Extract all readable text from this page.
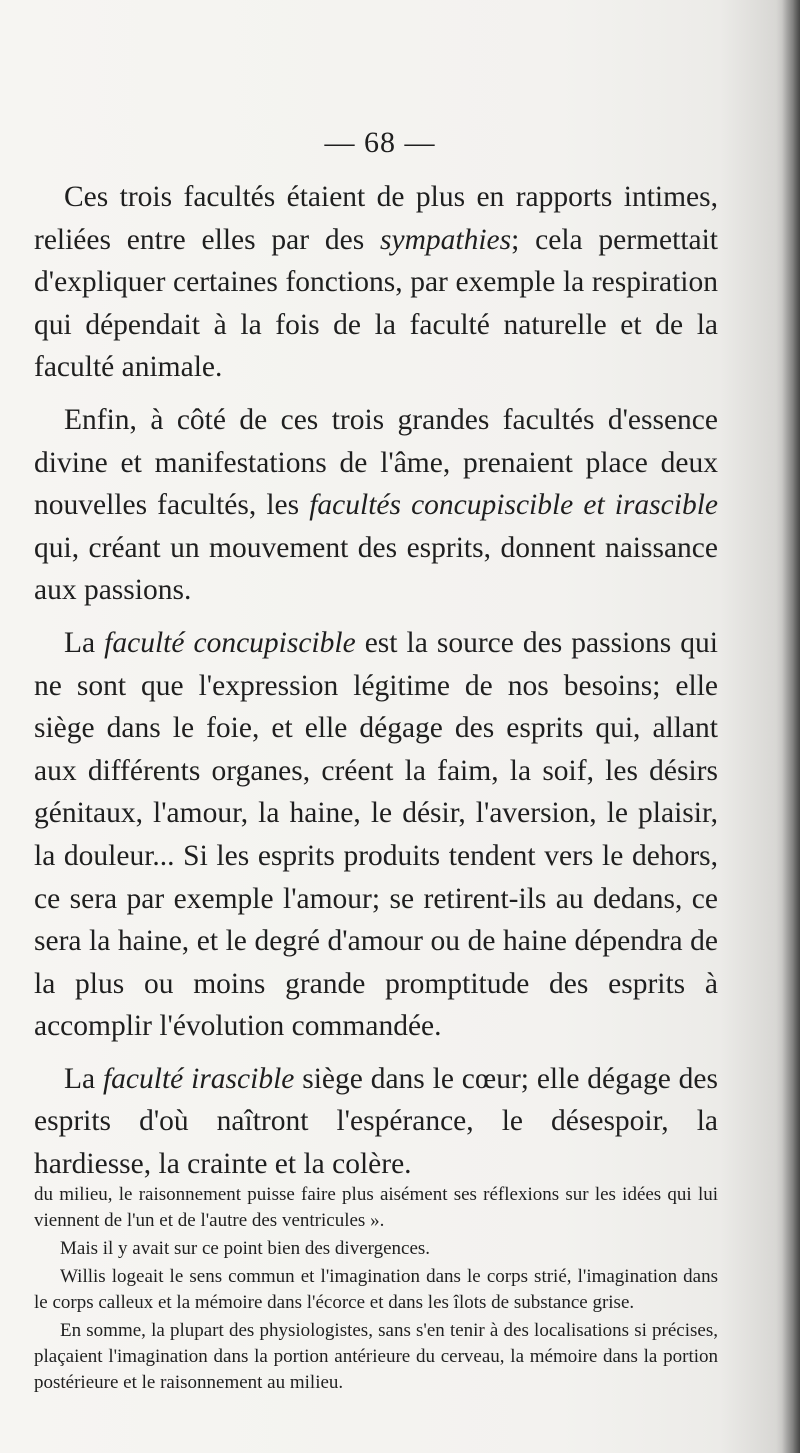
— 68 —

Ces trois facultés étaient de plus en rapports intimes, reliées entre elles par des sympathies; cela permettait d'expliquer certaines fonctions, par exemple la respiration qui dépendait à la fois de la faculté naturelle et de la faculté animale.

Enfin, à côté de ces trois grandes facultés d'essence divine et manifestations de l'âme, prenaient place deux nouvelles facultés, les facultés concupiscible et irascible qui, créant un mouvement des esprits, donnent naissance aux passions.

La faculté concupiscible est la source des passions qui ne sont que l'expression légitime de nos besoins; elle siège dans le foie, et elle dégage des esprits qui, allant aux différents organes, créent la faim, la soif, les désirs génitaux, l'amour, la haine, le désir, l'aversion, le plaisir, la douleur... Si les esprits produits tendent vers le dehors, ce sera par exemple l'amour; se retirent-ils au dedans, ce sera la haine, et le degré d'amour ou de haine dépendra de la plus ou moins grande promptitude des esprits à accomplir l'évolution commandée.

La faculté irascible siège dans le cœur; elle dégage des esprits d'où naîtront l'espérance, le désespoir, la hardiesse, la crainte et la colère.

du milieu, le raisonnement puisse faire plus aisément ses réflexions sur les idées qui lui viennent de l'un et de l'autre des ventricules ».

Mais il y avait sur ce point bien des divergences.

Willis logeait le sens commun et l'imagination dans le corps strié, l'imagination dans le corps calleux et la mémoire dans l'écorce et dans les îlots de substance grise.

En somme, la plupart des physiologistes, sans s'en tenir à des localisations si précises, plaçaient l'imagination dans la portion antérieure du cerveau, la mémoire dans la portion postérieure et le raisonnement au milieu.
